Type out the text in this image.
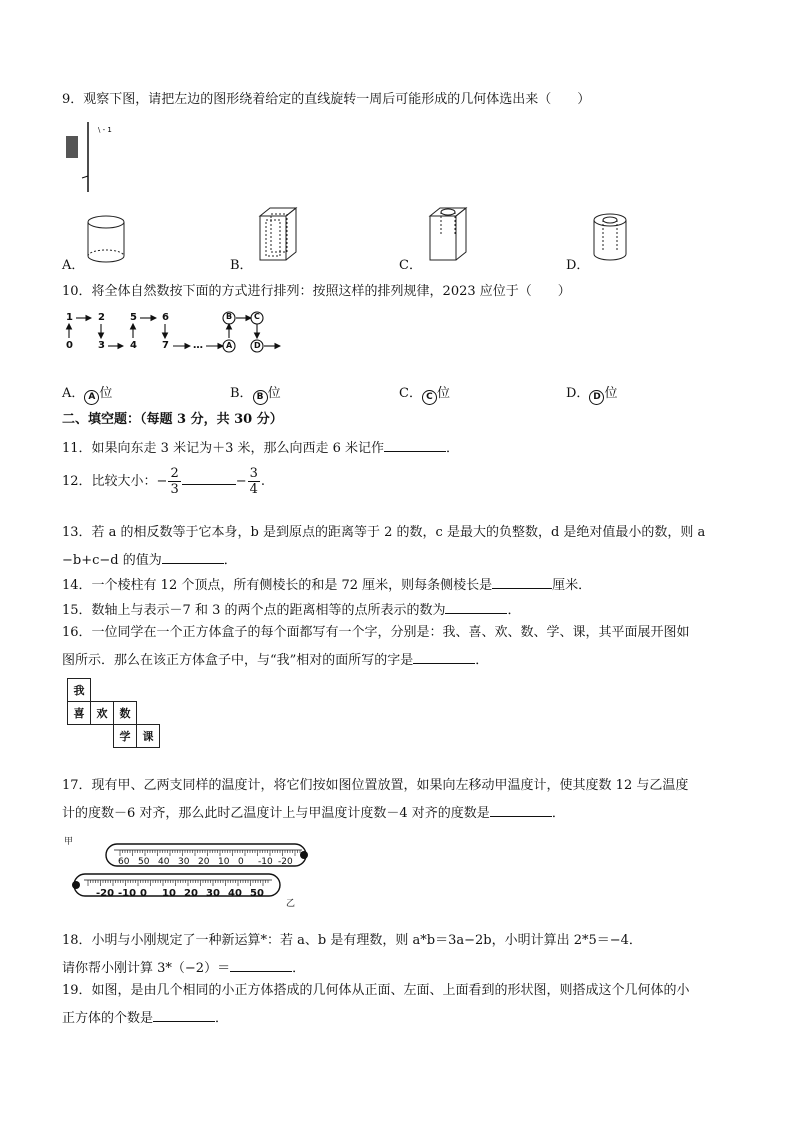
9．观察下图，请把左边的图形绕着给定的直线旋转一周后可能形成的几何体选出来（　　）
\ - 1
A．	B．	C．	D．
10．将全体自然数按下面的方式进行排列：按照这样的排列规律，2023 应位于（　　）
1	2	5	6
0	3	4	7 …
B	C
A	D
A． A 位	B． B 位	C． C 位	D． D 位
二、填空题：（每题 3 分，共 30 分）
11．如果向东走 3 米记为＋3 米，那么向西走 6 米记作	．
12．比较大小：− $\frac{2}{3}$	− $\frac{3}{4}$ .
13．若 a 的相反数等于它本身，b 是到原点的距离等于 2 的数，c 是最大的负整数，d 是绝对值最小的数，则 a
−b+c−d 的值为	．
14．一个棱柱有 12 个顶点，所有侧棱长的和是 72 厘米，则每条侧棱长是	厘米．
15．数轴上与表示－7 和 3 的两个点的距离相等的点所表示的数为	．
16．一位同学在一个正方体盒子的每个面都写有一个字，分别是：我、喜、欢、数、学、课，其平面展开图如
图所示．那么在该正方体盒子中，与“我”相对的面所写的字是	．
我			
喜	欢	数	
		学	课
17．现有甲、乙两支同样的温度计，将它们按如图位置放置，如果向左移动甲温度计，使其度数 12 与乙温度
计的度数－6 对齐，那么此时乙温度计上与甲温度计度数－4 对齐的度数是	．
甲
乙
60 50 40 30 20 10 0 -10 -20
-20 -10 0 10 20 30 40 50
18．小明与小刚规定了一种新运算*：若 a、b 是有理数，则 a*b＝3a−2b，小明计算出 2*5＝−4．
请你帮小刚计算 3*（−2）＝	．
19．如图，是由几个相同的小正方体搭成的几何体从正面、左面、上面看到的形状图，则搭成这个几何体的小
正方体的个数是	．
